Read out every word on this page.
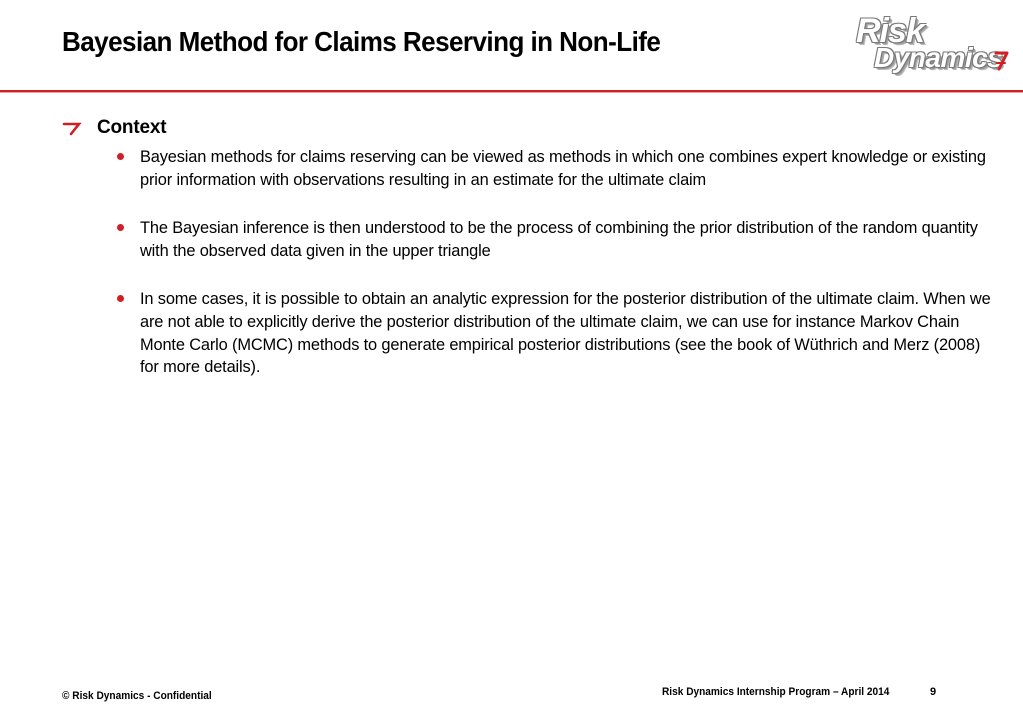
Bayesian Method for Claims Reserving in Non-Life	Risk
Dynamics
Context
Bayesian methods for claims reserving can be viewed as methods in which one combines expert knowledge or existing prior information with observations resulting in an estimate for the ultimate claim
The Bayesian inference is then understood to be the process of combining the prior distribution of the random quantity with the observed data given in the upper triangle
In some cases, it is possible to obtain an analytic expression for the posterior distribution of the ultimate claim. When we are not able to explicitly derive the posterior distribution of the ultimate claim, we can use for instance Markov Chain Monte Carlo (MCMC) methods to generate empirical posterior distributions (see the book of Wüthrich and Merz (2008) for more details).
© Risk Dynamics - Confidential	Risk Dynamics Internship Program – April 2014	9
